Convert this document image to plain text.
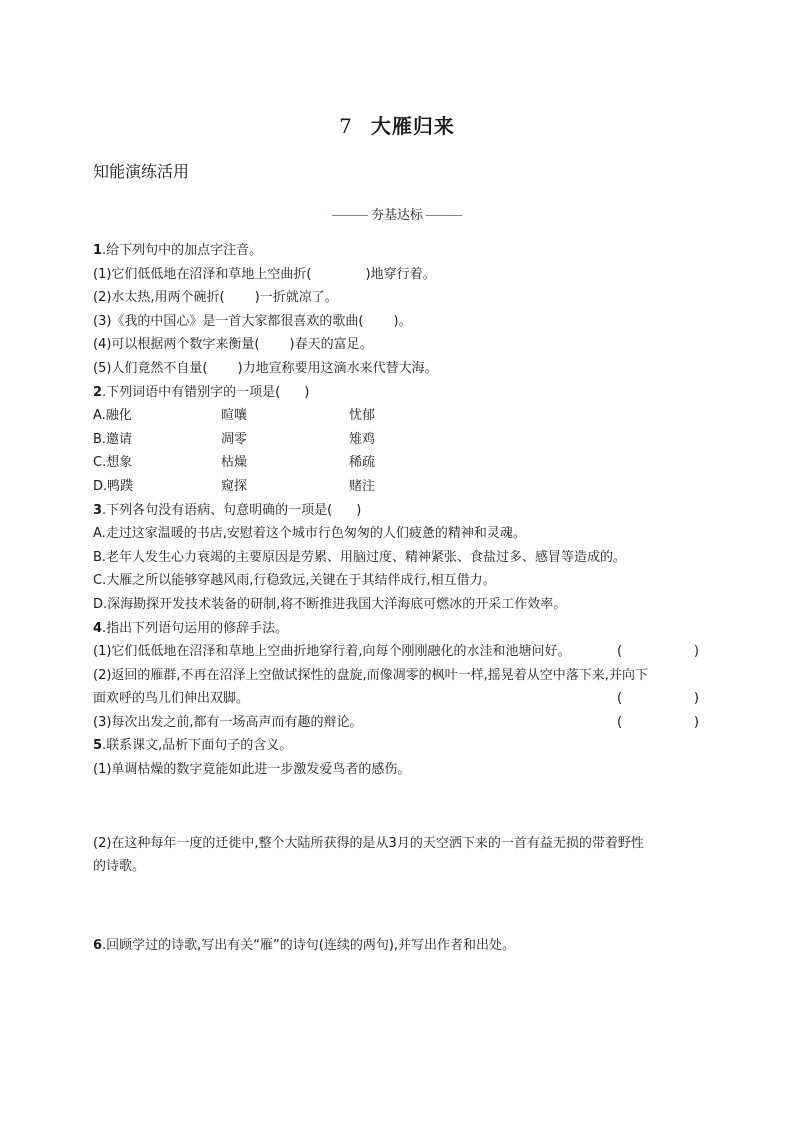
7 大雁归来
知能演练活用
夯基达标
1.给下列句中的加点字注音。
(1)它们低低地在沼泽和草地上空曲折(	)地穿行着。
(2)水太热,用两个碗折( )一折就凉了。
(3)《我的中国心》是一首大家都很喜欢的歌曲( )。
(4)可以根据两个数字来衡量( )春天的富足。
(5)人们竟然不自量( )力地宣称要用这滴水来代替大海。
2.下列词语中有错别字的一项是( )
A.融化	暄嚷	忧郁
B.邀请	凋零	雉鸡
C.想象	枯燥	稀疏
D.鸭蹼	窥探	赌注
3.下列各句没有语病、句意明确的一项是( )
A.走过这家温暖的书店,安慰着这个城市行色匆匆的人们疲惫的精神和灵魂。
B.老年人发生心力衰竭的主要原因是劳累、用脑过度、精神紧张、食盐过多、感冒等造成的。
C.大雁之所以能够穿越风雨,行稳致远,关键在于其结伴成行,相互借力。
D.深海勘探开发技术装备的研制,将不断推进我国大洋海底可燃冰的开采工作效率。
4.指出下列语句运用的修辞手法。
(1)它们低低地在沼泽和草地上空曲折地穿行着,向每个刚刚融化的水洼和池塘问好。	(	)
(2)返回的雁群,不再在沼泽上空做试探性的盘旋,而像凋零的枫叶一样,摇晃着从空中落下来,并向下
面欢呼的鸟儿们伸出双脚。	(	)
(3)每次出发之前,都有一场高声而有趣的辩论。	(	)
5.联系课文,品析下面句子的含义。
(1)单调枯燥的数字竟能如此进一步激发爱鸟者的感伤。
(2)在这种每年一度的迁徙中,整个大陆所获得的是从3月的天空洒下来的一首有益无损的带着野性
的诗歌。
6.回顾学过的诗歌,写出有关“雁”的诗句(连续的两句),并写出作者和出处。
